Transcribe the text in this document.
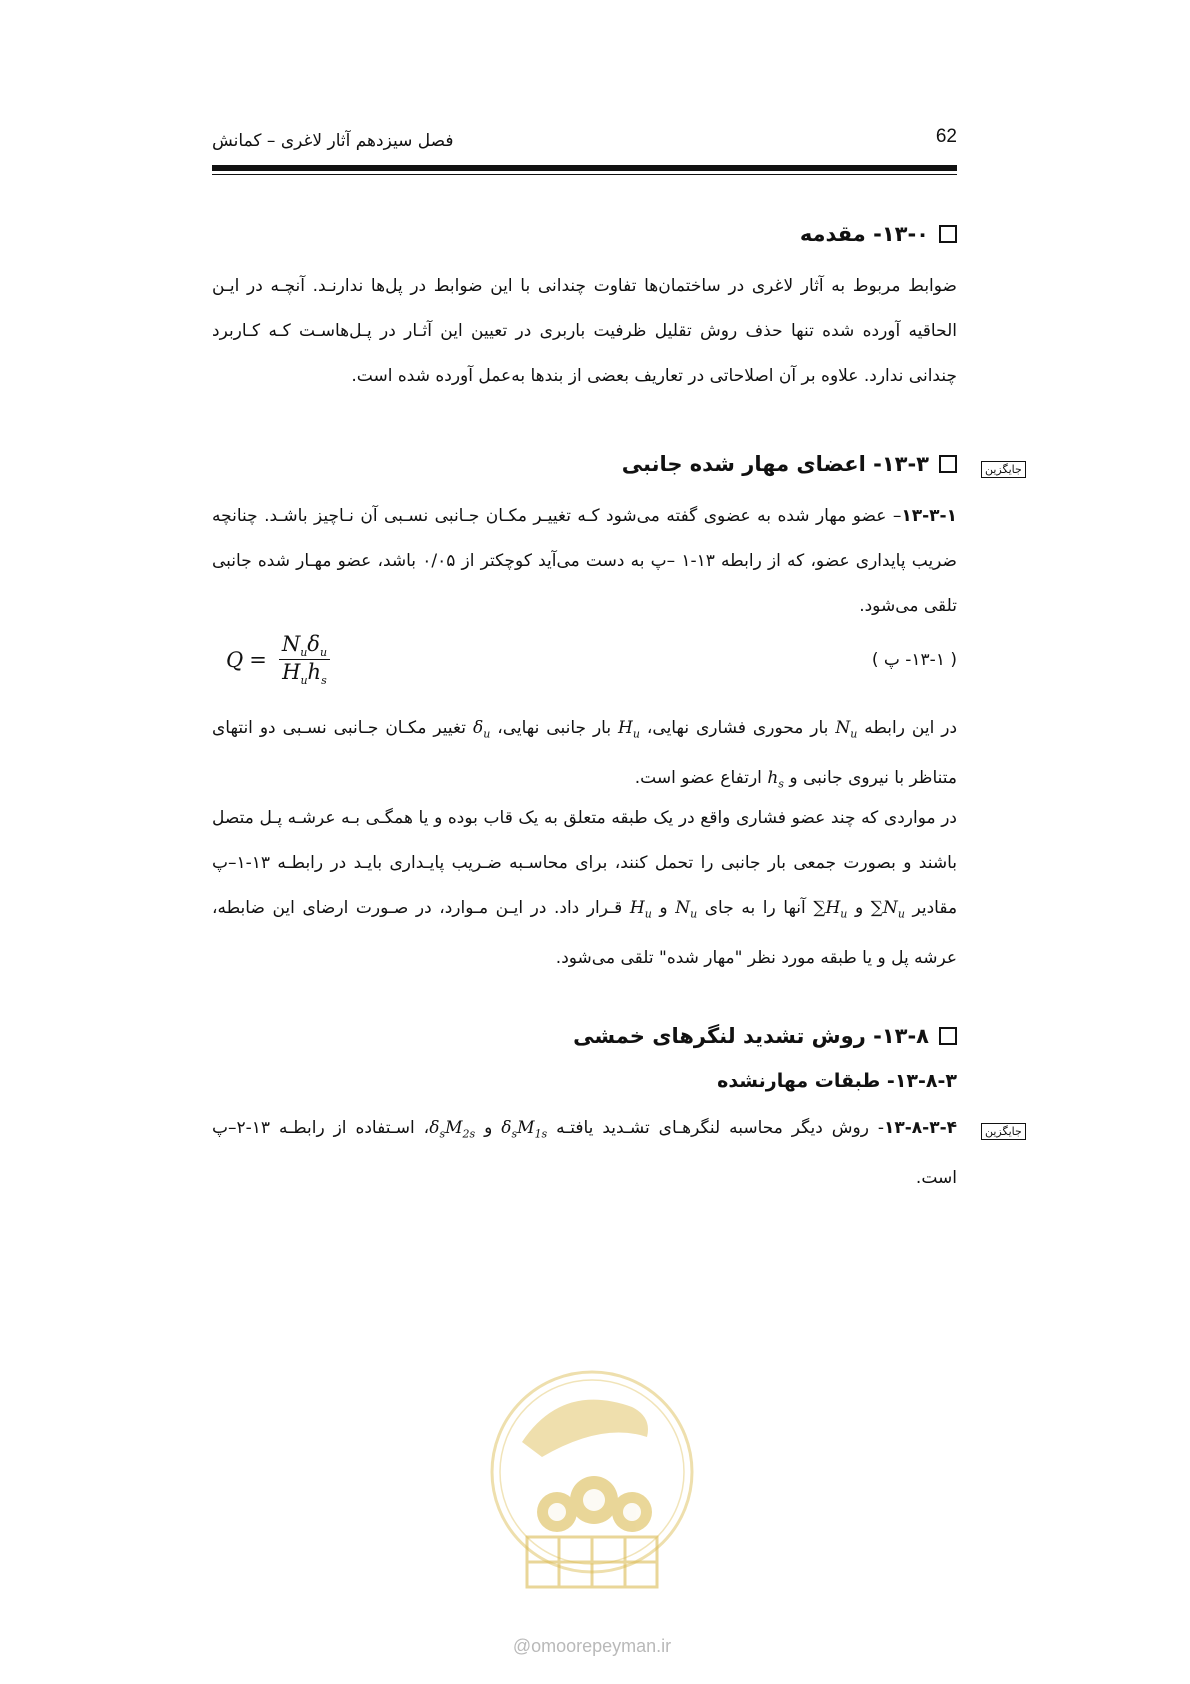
62
فصل سیزدهم آثار لاغری – کمانش
۱۳-۰- مقدمه
ضوابط مربوط به آثار لاغری در ساختمان‌ها تفاوت چندانی با این ضوابط در پل‌ها ندارنـد. آنچـه در ایـن الحاقیه آورده شده تنها حذف روش تقلیل ظرفیت باربری در تعیین این آثـار در پـل‌هاسـت کـه کـاربرد چندانی ندارد. علاوه بر آن اصلاحاتی در تعاریف بعضی از بندها به‌عمل آورده شده است.
جایگزین
۱۳-۳- اعضای مهار شده جانبی
۱۳-۳-۱– عضو مهار شده به عضوی گفته می‌شود کـه تغییـر مکـان جـانبی نسـبی آن نـاچیز باشـد. چنانچه ضریب پایداری عضو، که از رابطه ۱۳-۱ –پ به دست می‌آید کوچکتر از ۰/۰۵ باشد، عضو مهـار شده جانبی تلقی می‌شود.
$Q = \frac{N_u\delta_u}{H_uh_s}$	( ۱۳-۱- پ )
در این رابطه $N_u$ بار محوری فشاری نهایی، $H_u$ بار جانبی نهایی، $\delta_u$ تغییر مکـان جـانبی نسـبی دو انتهای متناظر با نیروی جانبی و $h_s$ ارتفاع عضو است.
در مواردی که چند عضو فشاری واقع در یک طبقه متعلق به یک قاب بوده و یا همگـی بـه عرشـه پـل متصل باشند و بصورت جمعی بار جانبی را تحمل کنند، برای محاسـبه ضـریب پایـداری بایـد در رابطـه ۱۳-۱–پ مقادیر $\sum N_u$ و $\sum H_u$ آنها را به جای $N_u$ و $H_u$ قـرار داد. در ایـن مـوارد، در صـورت ارضای این ضابطه، عرشه پل و یا طبقه مورد نظر "مهار شده" تلقی می‌شود.
۱۳-۸- روش تشدید لنگرهای خمشی
۱۳-۸-۳- طبقات مهارنشده
جایگزین
۱۳-۸-۳-۴- روش دیگر محاسبه لنگرهـای تشـدید یافتـه $\delta_sM_{1s}$ و $\delta_sM_{2s}،$ اسـتفاده از رابطـه ۱۳-۲–پ است.
@omoorepeyman.ir
